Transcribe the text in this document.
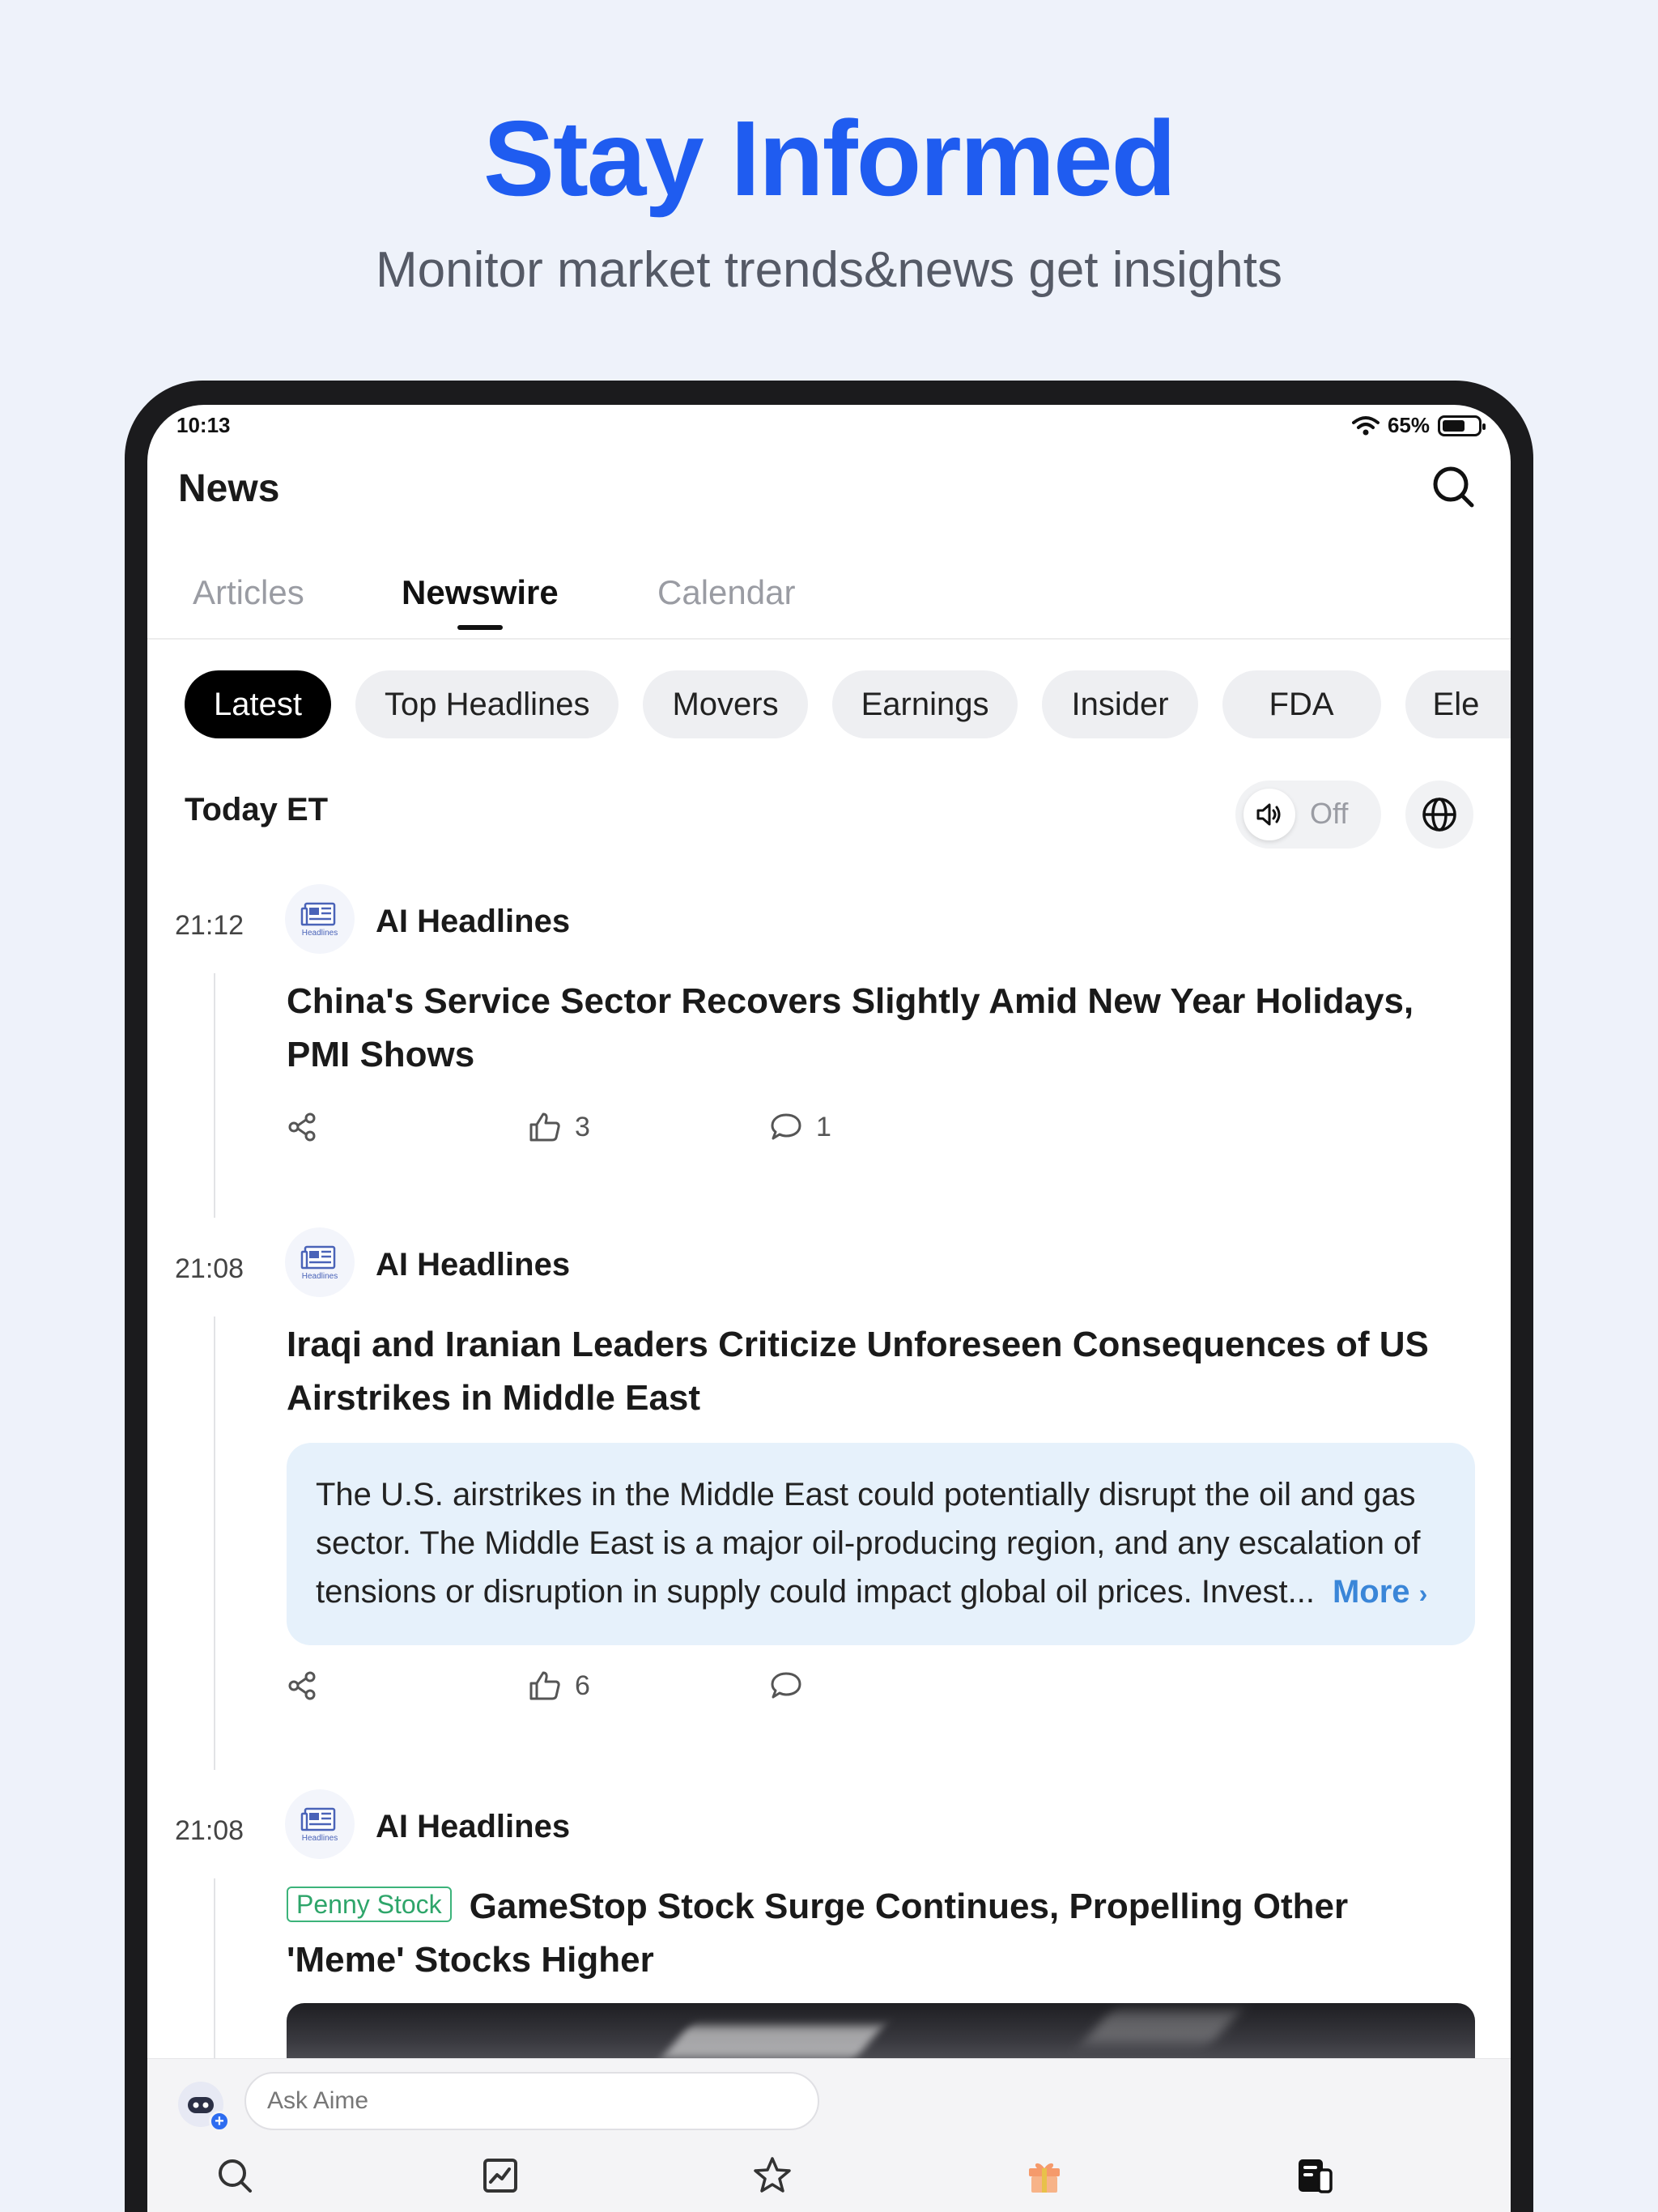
Stay Informed
Monitor market trends&news get insights
10:13	65%
News
Articles	Newswire	Calendar
Latest	Top Headlines	Movers	Earnings	Insider	FDA	Ele
Today ET	Off
21:12	Headlines AI Headlines
China's Service Sector Recovers Slightly Amid New Year Holidays, PMI Shows
3	1
21:08	Headlines AI Headlines
Iraqi and Iranian Leaders Criticize Unforeseen Consequences of US Airstrikes in Middle East
The U.S. airstrikes in the Middle East could potentially disrupt the oil and gas sector. The Middle East is a major oil-producing region, and any escalation of tensions or disruption in supply could impact global oil prices. Invest... More ›
6
21:08	Headlines AI Headlines
Penny Stock GameStop Stock Surge Continues, Propelling Other 'Meme' Stocks Higher
+
Ask Aime
